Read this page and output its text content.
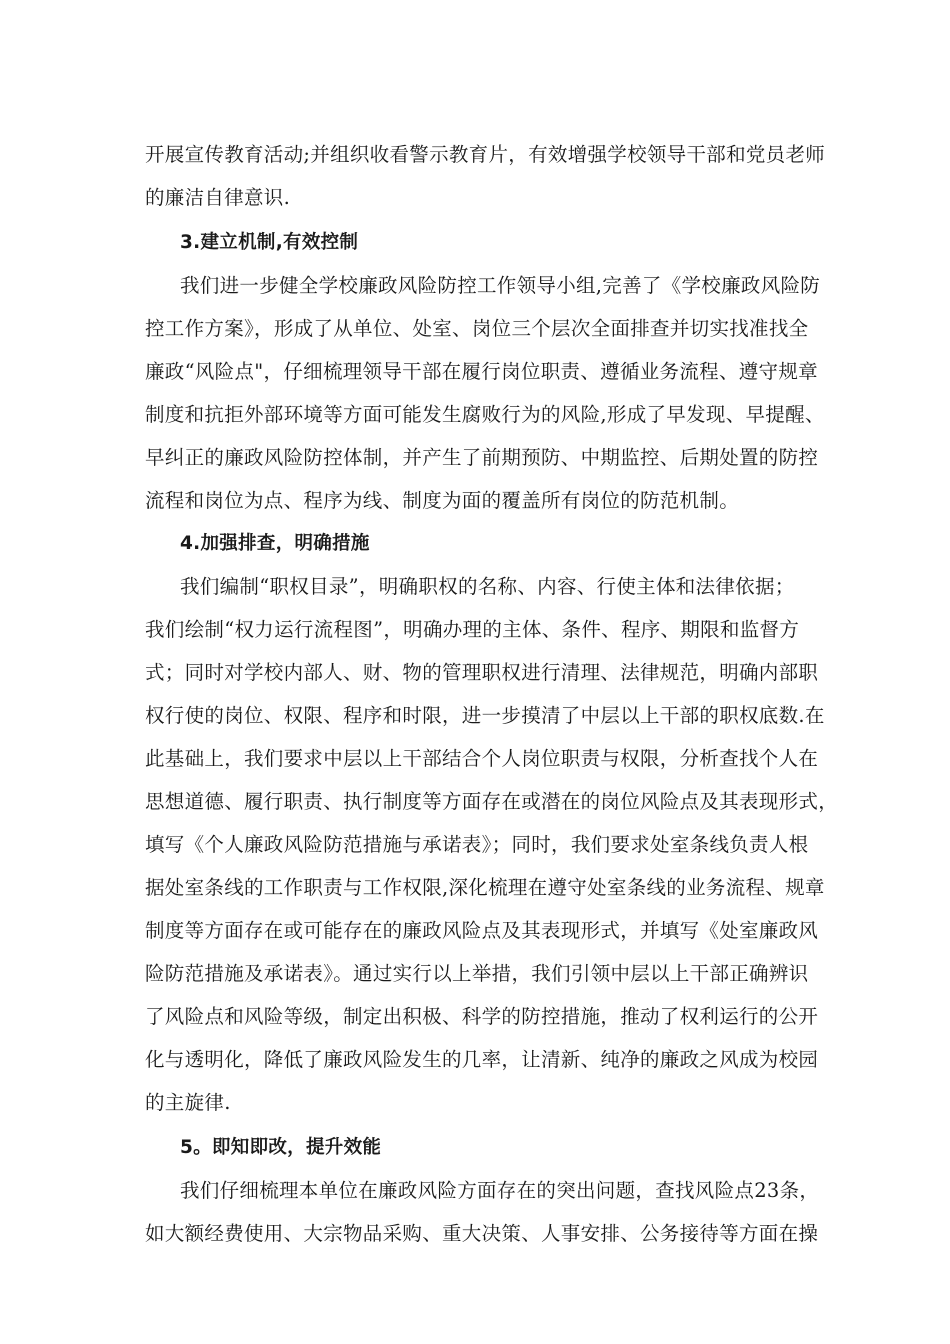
开展宣传教育活动;并组织收看警示教育片，有效增强学校领导干部和党员老师
的廉洁自律意识.
3.建立机制,有效控制
我们进一步健全学校廉政风险防控工作领导小组,完善了《学校廉政风险防
控工作方案》，形成了从单位、处室、岗位三个层次全面排查并切实找准找全
廉政“风险点"，仔细梳理领导干部在履行岗位职责、遵循业务流程、遵守规章
制度和抗拒外部环境等方面可能发生腐败行为的风险,形成了早发现、早提醒、
早纠正的廉政风险防控体制，并产生了前期预防、中期监控、后期处置的防控
流程和岗位为点、程序为线、制度为面的覆盖所有岗位的防范机制。
4.加强排查，明确措施
我们编制“职权目录”，明确职权的名称、内容、行使主体和法律依据；
我们绘制“权力运行流程图”，明确办理的主体、条件、程序、期限和监督方
式；同时对学校内部人、财、物的管理职权进行清理、法律规范，明确内部职
权行使的岗位、权限、程序和时限，进一步摸清了中层以上干部的职权底数.在
此基础上，我们要求中层以上干部结合个人岗位职责与权限，分析查找个人在
思想道德、履行职责、执行制度等方面存在或潜在的岗位风险点及其表现形式，
填写《个人廉政风险防范措施与承诺表》；同时，我们要求处室条线负责人根
据处室条线的工作职责与工作权限,深化梳理在遵守处室条线的业务流程、规章
制度等方面存在或可能存在的廉政风险点及其表现形式，并填写《处室廉政风
险防范措施及承诺表》。通过实行以上举措，我们引领中层以上干部正确辨识
了风险点和风险等级，制定出积极、科学的防控措施，推动了权利运行的公开
化与透明化，降低了廉政风险发生的几率，让清新、纯净的廉政之风成为校园
的主旋律.
5。即知即改，提升效能
我们仔细梳理本单位在廉政风险方面存在的突出问题，查找风险点23条，
如大额经费使用、大宗物品采购、重大决策、人事安排、公务接待等方面在操
